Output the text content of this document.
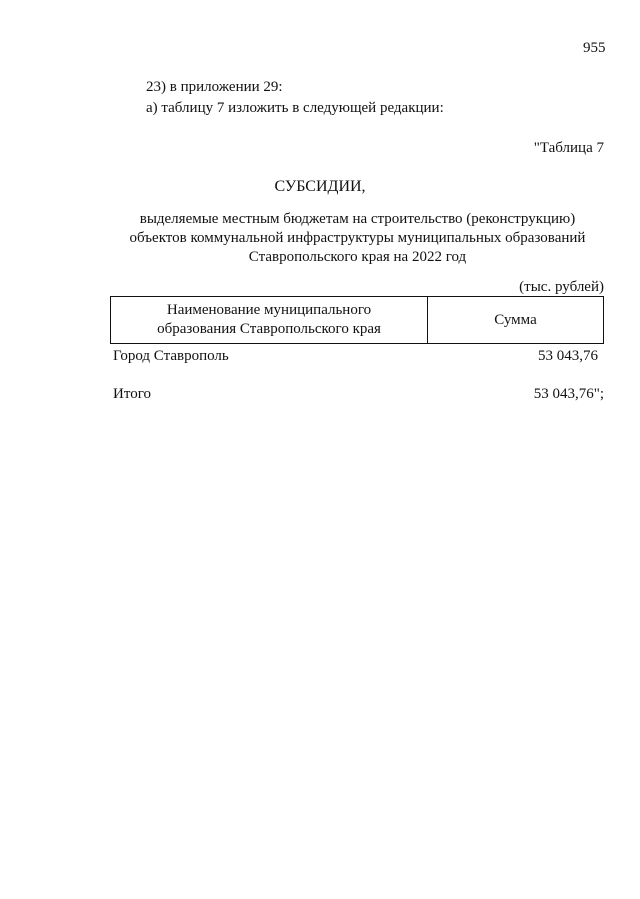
955
23) в приложении 29:
а) таблицу 7 изложить в следующей редакции:
"Таблица 7
СУБСИДИИ,
выделяемые местным бюджетам на строительство (реконструкцию)
объектов коммунальной инфраструктуры муниципальных образований
Ставропольского края на 2022 год
(тыс. рублей)
Наименование муниципального
образования Ставропольского края
Сумма
Город Ставрополь	53 043,76
Итого	53 043,76";
